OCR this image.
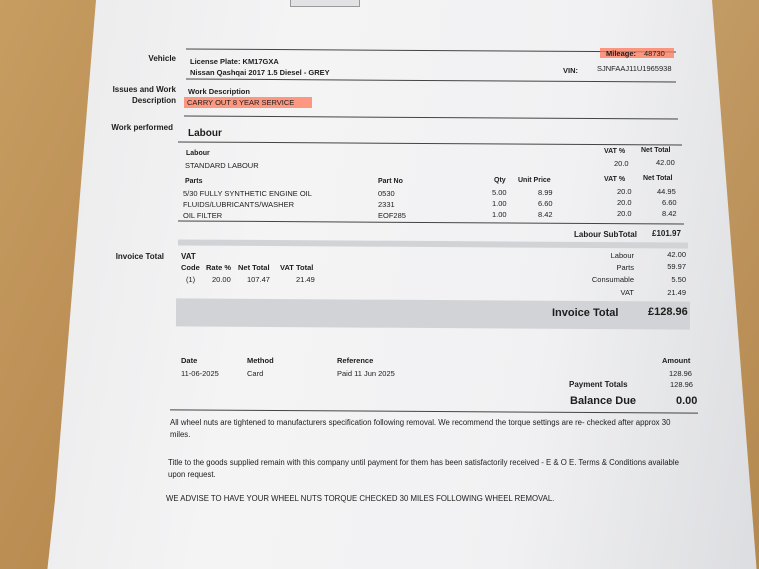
Vehicle
Issues and Work Description
Work performed
Invoice Total
License Plate: KM17GXA
Nissan Qashqai 2017 1.5 Diesel - GREY
Mileage: 48730
VIN:	SJNFAAJ11U1965938
Work Description
CARRY OUT 8 YEAR SERVICE
Labour
Labour
STANDARD LABOUR
VAT % Net Total
20.0	42.00
Parts	Part No	Qty Unit Price	VAT %	Net Total
5/30 FULLY SYNTHETIC ENGINE OIL	0530	5.00	8.99	20.0	44.95
FLUIDS/LUBRICANTS/WASHER	2331	1.00	6.60	20.0	6.60
OIL FILTER	EOF285	1.00	8.42	20.0	8.42
Labour SubTotal £101.97
VAT
Code Rate % Net Total VAT Total
(1) 20.00 107.47	21.49
Labour	42.00
Parts	59.97
Consumable	5.50
VAT	21.49
Invoice Total	£128.96
Date	Method	Reference	Amount
11-06-2025	Card	Paid 11 Jun 2025	128.96
Payment Totals	128.96
Balance Due	0.00
All wheel nuts are tightened to manufacturers specification following removal. We recommend the torque settings are re- checked after approx 30
miles.
Title to the goods supplied remain with this company until payment for them has been satisfactorily received - E & O E. Terms & Conditions available
upon request.
WE ADVISE TO HAVE YOUR WHEEL NUTS TORQUE CHECKED 30 MILES FOLLOWING WHEEL REMOVAL.
